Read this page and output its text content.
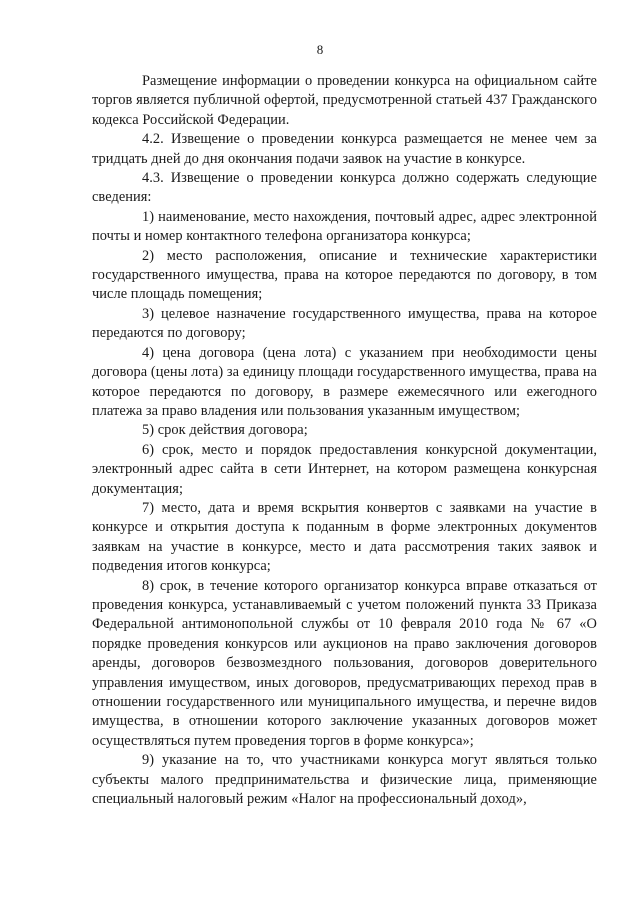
8

Размещение информации о проведении конкурса на официальном сайте торгов является публичной офертой, предусмотренной статьей 437 Гражданского кодекса Российской Федерации.

4.2. Извещение о проведении конкурса размещается не менее чем за тридцать дней до дня окончания подачи заявок на участие в конкурсе.

4.3. Извещение о проведении конкурса должно содержать следующие сведения:

1) наименование, место нахождения, почтовый адрес, адрес электронной почты и номер контактного телефона организатора конкурса;

2) место расположения, описание и технические характеристики государственного имущества, права на которое передаются по договору, в том числе площадь помещения;

3) целевое назначение государственного имущества, права на которое передаются по договору;

4) цена договора (цена лота) с указанием при необходимости цены договора (цены лота) за единицу площади государственного имущества, права на которое передаются по договору, в размере ежемесячного или ежегодного платежа за право владения или пользования указанным имуществом;

5) срок действия договора;

6) срок, место и порядок предоставления конкурсной документации, электронный адрес сайта в сети Интернет, на котором размещена конкурсная документация;

7) место, дата и время вскрытия конвертов с заявками на участие в конкурсе и открытия доступа к поданным в форме электронных документов заявкам на участие в конкурсе, место и дата рассмотрения таких заявок и подведения итогов конкурса;

8) срок, в течение которого организатор конкурса вправе отказаться от проведения конкурса, устанавливаемый с учетом положений пункта 33 Приказа Федеральной антимонопольной службы от 10 февраля 2010 года № 67 «О порядке проведения конкурсов или аукционов на право заключения договоров аренды, договоров безвозмездного пользования, договоров доверительного управления имуществом, иных договоров, предусматривающих переход прав в отношении государственного или муниципального имущества, и перечне видов имущества, в отношении которого заключение указанных договоров может осуществляться путем проведения торгов в форме конкурса»;

9) указание на то, что участниками конкурса могут являться только субъекты малого предпринимательства и физические лица, применяющие специальный налоговый режим «Налог на профессиональный доход»,
